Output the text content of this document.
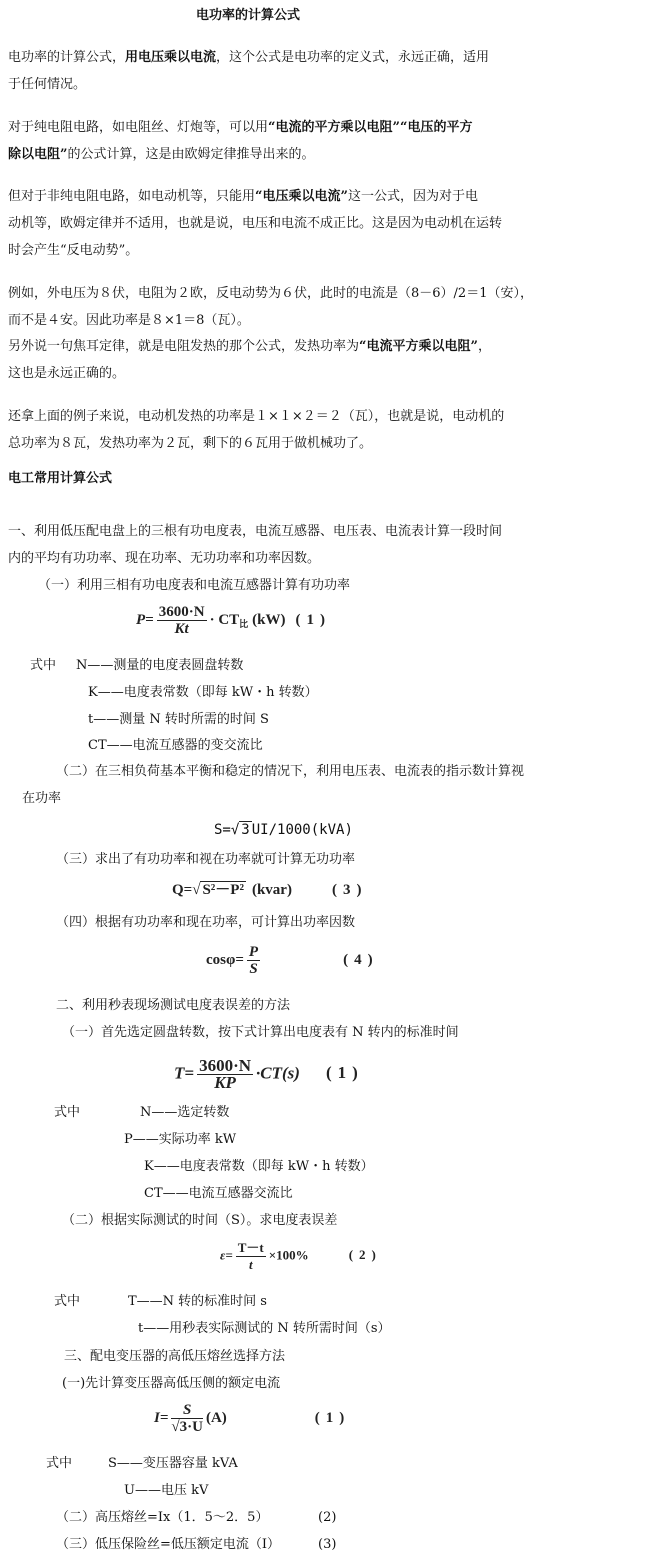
电功率的计算公式
电功率的计算公式，用电压乘以电流，这个公式是电功率的定义式，永远正确，适用
于任何情况。
对于纯电阻电路，如电阻丝、灯炮等，可以用“电流的平方乘以电阻”“电压的平方
除以电阻”的公式计算，这是由欧姆定律推导出来的。
但对于非纯电阻电路，如电动机等，只能用“电压乘以电流”这一公式，因为对于电
动机等，欧姆定律并不适用，也就是说，电压和电流不成正比。这是因为电动机在运转
时会产生“反电动势”。
例如，外电压为８伏，电阻为２欧，反电动势为６伏，此时的电流是（8－6）/2＝1（安），
而不是４安。因此功率是８×1＝8（瓦）。
另外说一句焦耳定律，就是电阻发热的那个公式，发热功率为“电流平方乘以电阻”，
这也是永远正确的。
还拿上面的例子来说，电动机发热的功率是１×１×２＝２（瓦），也就是说，电动机的
总功率为８瓦，发热功率为２瓦，剩下的６瓦用于做机械功了。
电工常用计算公式
一、利用低压配电盘上的三根有功电度表，电流互感器、电压表、电流表计算一段时间
内的平均有功功率、现在功率、无功功率和功率因数。
（一）利用三相有功电度表和电流互感器计算有功功率
$P= \frac{3600\cdot N}{Kt} \cdot CT_比$ (kW) (1)
式中 N——测量的电度表圆盘转数
K——电度表常数（即每 kW・h 转数）
t——测量 N 转时所需的时间 S
CT——电流互感器的变交流比
（二）在三相负荷基本平衡和稳定的情况下，利用电压表、电流表的指示数计算视
在功率
S=√ 3 UI/1000(kVA)
（三）求出了有功功率和视在功率就可计算无功功率
Q=√ S²－P² (kvar)	(3)
（四）根据有功功率和现在功率，可计算出功率因数
$\cos\varphi= \frac{P}{S}$	(4)
二、利用秒表现场测试电度表误差的方法
（一）首先选定圆盘转数，按下式计算出电度表有 N 转内的标准时间
$T= \frac{3600\cdot N}{KP} \cdot CT(s)$ (1)
式中	N——选定转数
P——实际功率 kW
K——电度表常数（即每 kW・h 转数）
CT——电流互感器交流比
（二）根据实际测试的时间（S）。求电度表误差
$\varepsilon= \frac{T-t}{t} \times 100\%$	(2)
式中	T——N 转的标准时间 s
t——用秒表实际测试的 N 转所需时间（s）
三、配电变压器的高低压熔丝选择方法
(一)先计算变压器高低压侧的额定电流
$I= \frac{S}{√3\cdot U} (A)$	(1)
式中	S——变压器容量 kVA
U——电压 kV
（二）高压熔丝=Ix（1．5～2．5）	(2)
（三）低压保险丝=低压额定电流（I）	(3)
